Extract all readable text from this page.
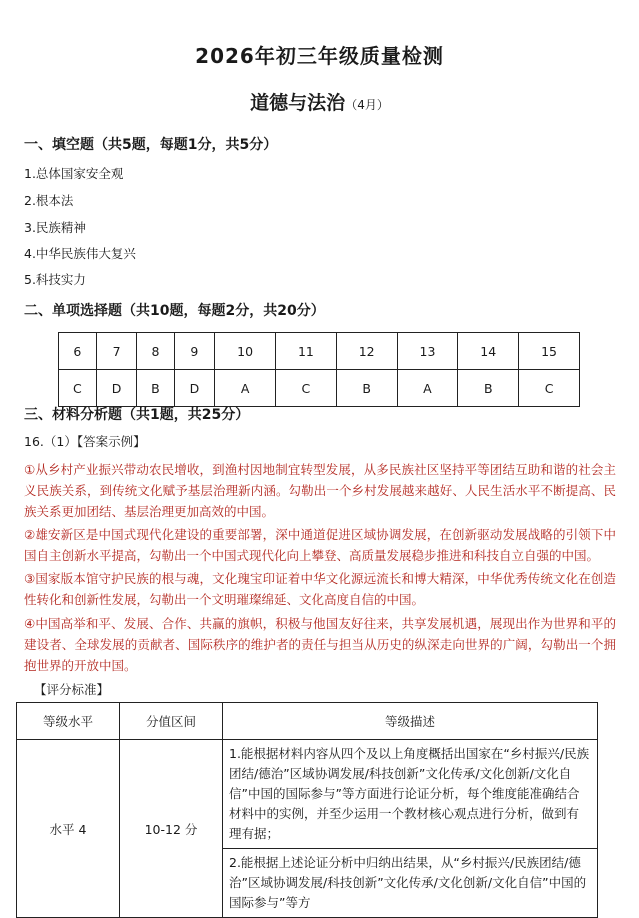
2026年初三年级质量检测
道德与法治（4月）
一、填空题（共5题，每题1分，共5分）
1.总体国家安全观
2.根本法
3.民族精神
4.中华民族伟大复兴
5.科技实力
二、单项选择题（共10题，每题2分，共20分）
6	7	8	9	10	11	12	13	14	15
C	D	B	D	A	C	B	A	B	C
三、材料分析题（共1题，共25分）
16.（1）【答案示例】
①从乡村产业振兴带动农民增收，到渔村因地制宜转型发展，从多民族社区坚持平等团结互助和谐的社会主义民族关系，到传统文化赋予基层治理新内涵。勾勒出一个乡村发展越来越好、人民生活水平不断提高、民族关系更加团结、基层治理更加高效的中国。
②雄安新区是中国式现代化建设的重要部署，深中通道促进区域协调发展，在创新驱动发展战略的引领下中国自主创新水平提高，勾勒出一个中国式现代化向上攀登、高质量发展稳步推进和科技自立自强的中国。
③国家版本馆守护民族的根与魂，文化瑰宝印证着中华文化源远流长和博大精深，中华优秀传统文化在创造性转化和创新性发展，勾勒出一个文明璀璨绵延、文化高度自信的中国。
④中国高举和平、发展、合作、共赢的旗帜，积极与他国友好往来，共享发展机遇，展现出作为世界和平的建设者、全球发展的贡献者、国际秩序的维护者的责任与担当从历史的纵深走向世界的广阔，勾勒出一个拥抱世界的开放中国。
【评分标准】
等级水平	分值区间	等级描述
水平 4	10-12 分	1.能根据材料内容从四个及以上角度概括出国家在“乡村振兴/民族团结/德治”区域协调发展/科技创新”文化传承/文化创新/文化自信”中国的国际参与”等方面进行论证分析，每个维度能准确结合材料中的实例，并至少运用一个教材核心观点进行分析，做到有理有据；
		2.能根据上述论证分析中归纳出结果，从“乡村振兴/民族团结/德治”区域协调发展/科技创新”文化传承/文化创新/文化自信”中国的国际参与”等方
